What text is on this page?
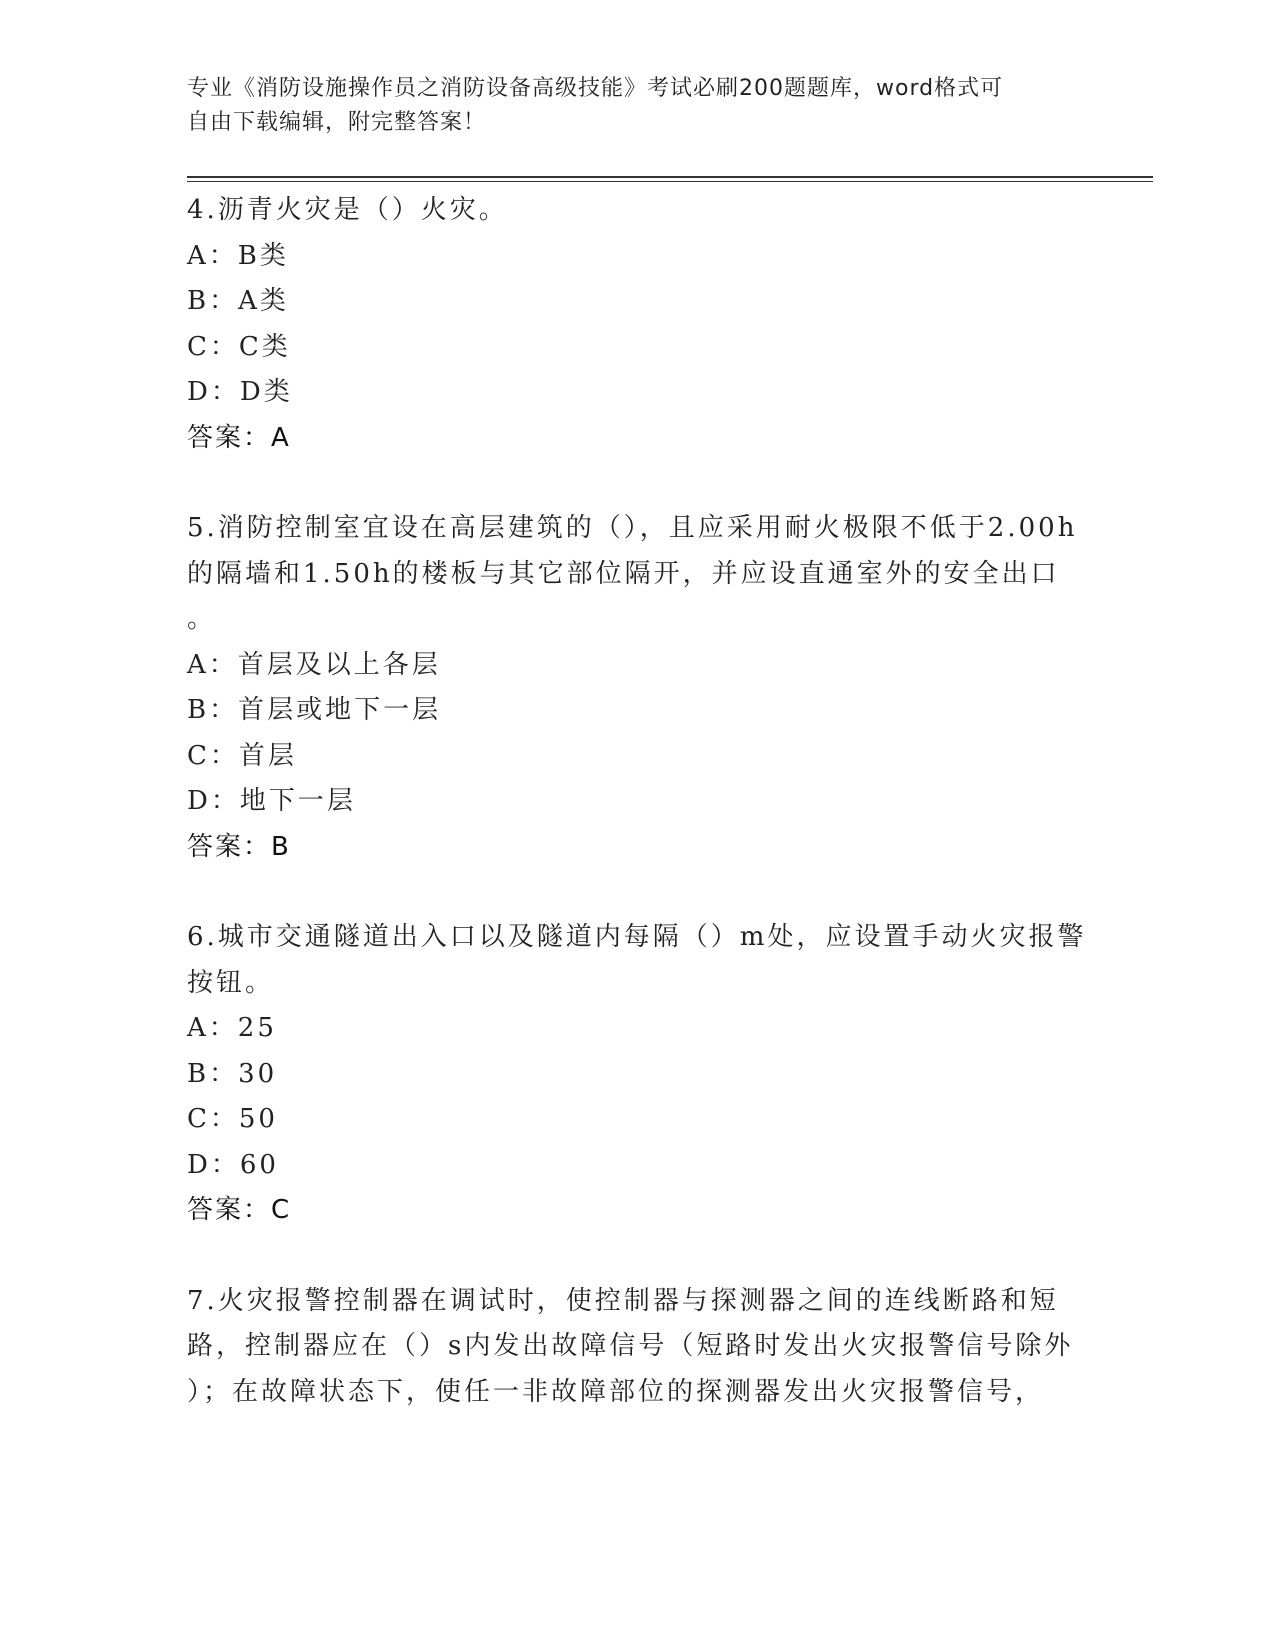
专业《消防设施操作员之消防设备高级技能》考试必刷200题题库，word格式可
自由下载编辑，附完整答案！
4.沥青火灾是（）火灾。
A：B类
B：A类
C：C类
D：D类
答案：A
5.消防控制室宜设在高层建筑的（），且应采用耐火极限不低于2.00h
的隔墙和1.50h的楼板与其它部位隔开，并应设直通室外的安全出口
。
A：首层及以上各层
B：首层或地下一层
C：首层
D：地下一层
答案：B
6.城市交通隧道出入口以及隧道内每隔（）m处，应设置手动火灾报警
按钮。
A：25
B：30
C：50
D：60
答案：C
7.火灾报警控制器在调试时，使控制器与探测器之间的连线断路和短
路，控制器应在（）s内发出故障信号（短路时发出火灾报警信号除外
）；在故障状态下，使任一非故障部位的探测器发出火灾报警信号，
